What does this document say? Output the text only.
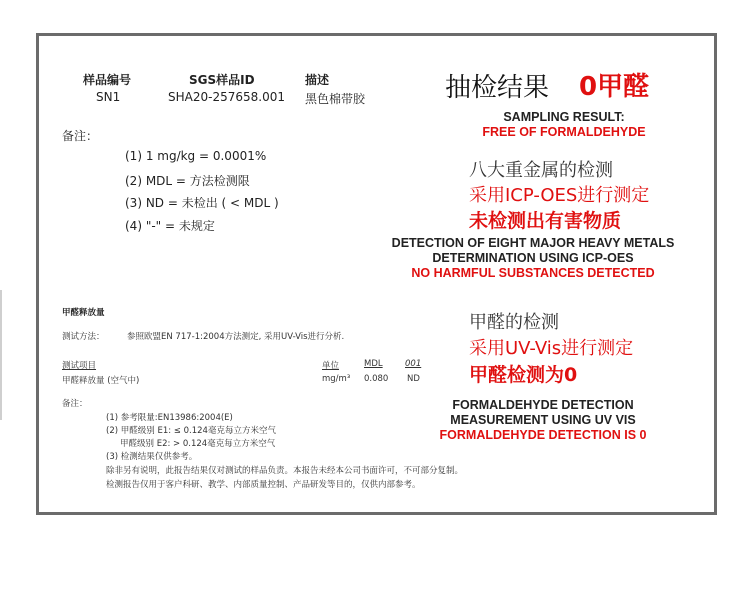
样品编号	SGS样品ID	描述
SN1	SHA20-257658.001 黑色棉带胶
备注：
(1) 1 mg/kg = 0.0001%
(2) MDL = 方法检测限
(3) ND = 未检出 ( < MDL )
(4) "-" = 未规定
甲醛释放量
测试方法：	参照欧盟EN 717-1:2004方法测定, 采用UV-Vis进行分析.
测试项目	单位	MDL	001
甲醛释放量 (空气中)	mg/m³ 0.080 ND
备注：
(1) 参考限量:EN13986:2004(E)
(2) 甲醛级别 E1: ≤ 0.124毫克每立方米空气
甲醛级别 E2: > 0.124毫克每立方米空气
(3) 检测结果仅供参考。
除非另有说明，此报告结果仅对测试的样品负责。本报告未经本公司书面许可，不可部分复制。
检测报告仅用于客户科研、教学、内部质量控制、产品研发等目的，仅供内部参考。
抽检结果 0甲醛
SAMPLING RESULT:
FREE OF FORMALDEHYDE
八大重金属的检测
采用ICP-OES进行测定
未检测出有害物质
DETECTION OF EIGHT MAJOR HEAVY METALS
DETERMINATION USING ICP-OES
NO HARMFUL SUBSTANCES DETECTED
甲醛的检测
采用UV-Vis进行测定
甲醛检测为0
FORMALDEHYDE DETECTION
MEASUREMENT USING UV VIS
FORMALDEHYDE DETECTION IS 0
